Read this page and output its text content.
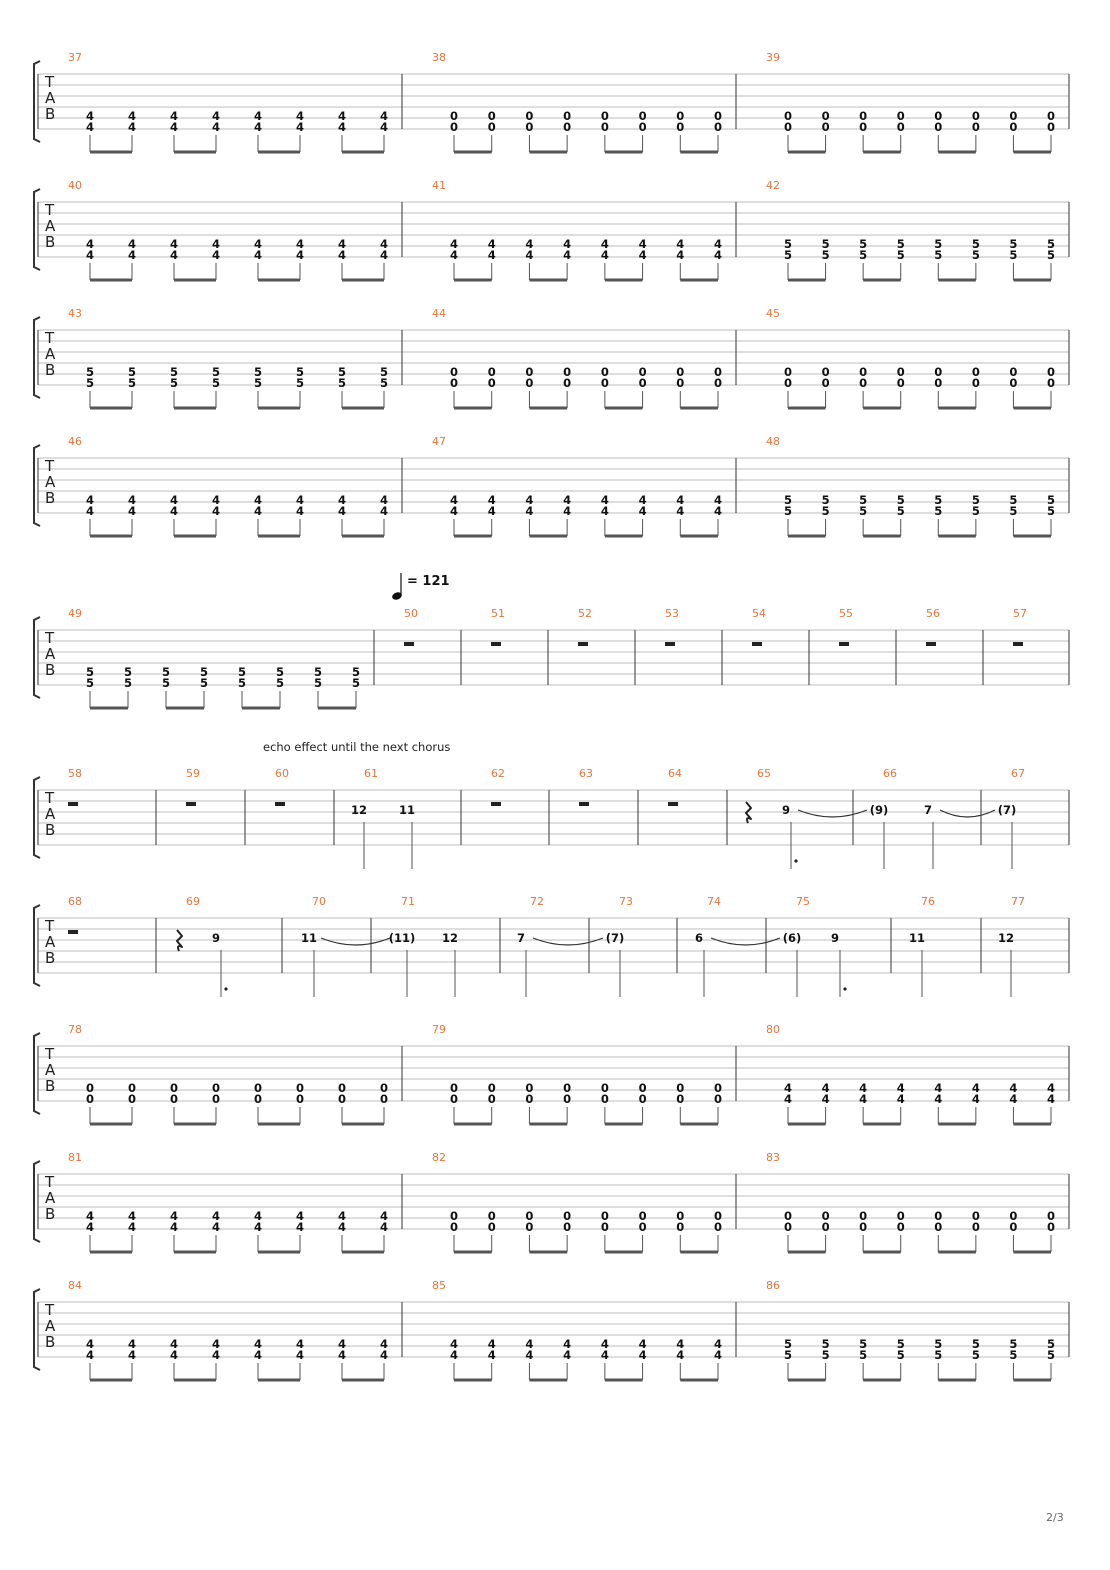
T
A
B
37
4
4
4
4
4
4
4
4
4
4
4
4
4
4
4
4
38
0
0
0
0
0
0
0
0
0
0
0
0
0
0
0
0
39
0
0
0
0
0
0
0
0
0
0
0
0
0
0
0
0
T
A
B
40
4
4
4
4
4
4
4
4
4
4
4
4
4
4
4
4
41
4
4
4
4
4
4
4
4
4
4
4
4
4
4
4
4
42
5
5
5
5
5
5
5
5
5
5
5
5
5
5
5
5
T
A
B
43
5
5
5
5
5
5
5
5
5
5
5
5
5
5
5
5
44
0
0
0
0
0
0
0
0
0
0
0
0
0
0
0
0
45
0
0
0
0
0
0
0
0
0
0
0
0
0
0
0
0
T
A
B
46
4
4
4
4
4
4
4
4
4
4
4
4
4
4
4
4
47
4
4
4
4
4
4
4
4
4
4
4
4
4
4
4
4
48
5
5
5
5
5
5
5
5
5
5
5
5
5
5
5
5
T
A
B
49
5
5
5
5
5
5
5
5
5
5
5
5
5
5
5
5
50	51	52	53	54	55	56	57
T
A
B
58	59	60	61
12	11
62	63	64	65
9
66
(9)	7
67
(7)
T
A
B
68	69
9
70
11
71
(11) 12
72
7
73
(7)
74
6
75
(6)	9
76
11
77
12
T
A
B
78
0
0
0
0
0
0
0
0
0
0
0
0
0
0
0
0
79
0
0
0
0
0
0
0
0
0
0
0
0
0
0
0
0
80
4
4
4
4
4
4
4
4
4
4
4
4
4
4
4
4
T
A
B
81
4
4
4
4
4
4
4
4
4
4
4
4
4
4
4
4
82
0
0
0
0
0
0
0
0
0
0
0
0
0
0
0
0
83
0
0
0
0
0
0
0
0
0
0
0
0
0
0
0
0
T
A
B
84
4
4
4
4
4
4
4
4
4
4
4
4
4
4
4
4
85
4
4
4
4
4
4
4
4
4
4
4
4
4
4
4
4
86
5
5
5
5
5
5
5
5
5
5
5
5
5
5
5
5
echo effect until the next chorus
= 121
2/3
